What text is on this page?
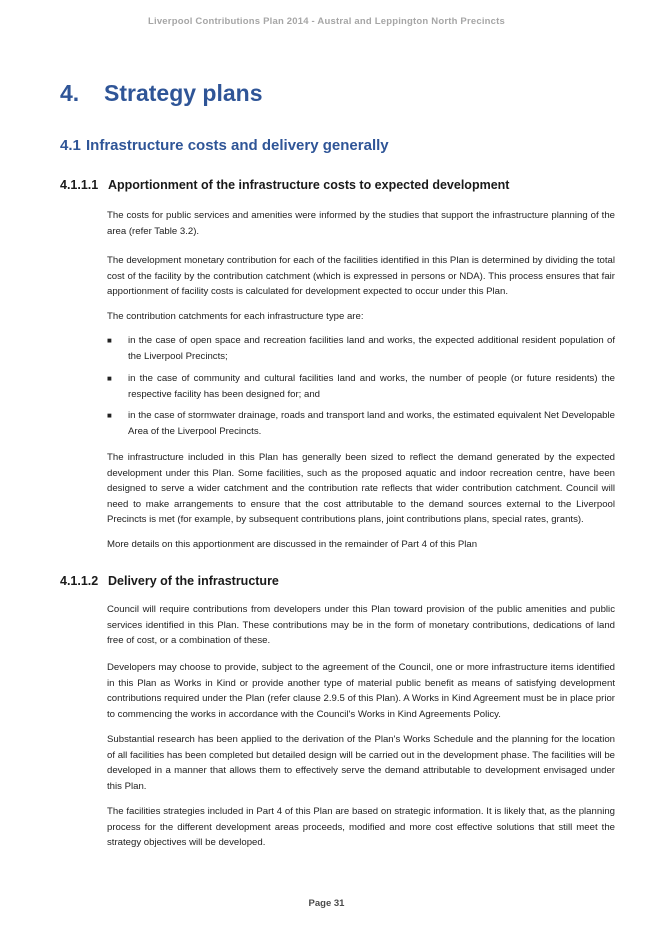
Liverpool Contributions Plan 2014 - Austral and Leppington North Precincts
4.	Strategy plans
4.1 Infrastructure costs and delivery generally
4.1.1.1 Apportionment of the infrastructure costs to expected development
The costs for public services and amenities were informed by the studies that support the infrastructure planning of the area (refer Table 3.2).
The development monetary contribution for each of the facilities identified in this Plan is determined by dividing the total cost of the facility by the contribution catchment (which is expressed in persons or NDA). This process ensures that fair apportionment of facility costs is calculated for development expected to occur under this Plan.
The contribution catchments for each infrastructure type are:
■	in the case of open space and recreation facilities land and works, the expected additional resident population of the Liverpool Precincts;
■	in the case of community and cultural facilities land and works, the number of people (or future residents) the respective facility has been designed for; and
■	in the case of stormwater drainage, roads and transport land and works, the estimated equivalent Net Developable Area of the Liverpool Precincts.
The infrastructure included in this Plan has generally been sized to reflect the demand generated by the expected development under this Plan. Some facilities, such as the proposed aquatic and indoor recreation centre, have been designed to serve a wider catchment and the contribution rate reflects that wider contribution catchment. Council will need to make arrangements to ensure that the cost attributable to the demand sources external to the Liverpool Precincts is met (for example, by subsequent contributions plans, joint contributions plans, special rates, grants).
More details on this apportionment are discussed in the remainder of Part 4 of this Plan
4.1.1.2 Delivery of the infrastructure
Council will require contributions from developers under this Plan toward provision of the public amenities and public services identified in this Plan. These contributions may be in the form of monetary contributions, dedications of land free of cost, or a combination of these.
Developers may choose to provide, subject to the agreement of the Council, one or more infrastructure items identified in this Plan as Works in Kind or provide another type of material public benefit as means of satisfying development contributions required under the Plan (refer clause 2.9.5 of this Plan). A Works in Kind Agreement must be in place prior to commencing the works in accordance with the Council's Works in Kind Agreements Policy.
Substantial research has been applied to the derivation of the Plan's Works Schedule and the planning for the location of all facilities has been completed but detailed design will be carried out in the development phase. The facilities will be developed in a manner that allows them to effectively serve the demand attributable to development envisaged under this Plan.
The facilities strategies included in Part 4 of this Plan are based on strategic information. It is likely that, as the planning process for the different development areas proceeds, modified and more cost effective solutions that still meet the strategy objectives will be developed.
Page 31
